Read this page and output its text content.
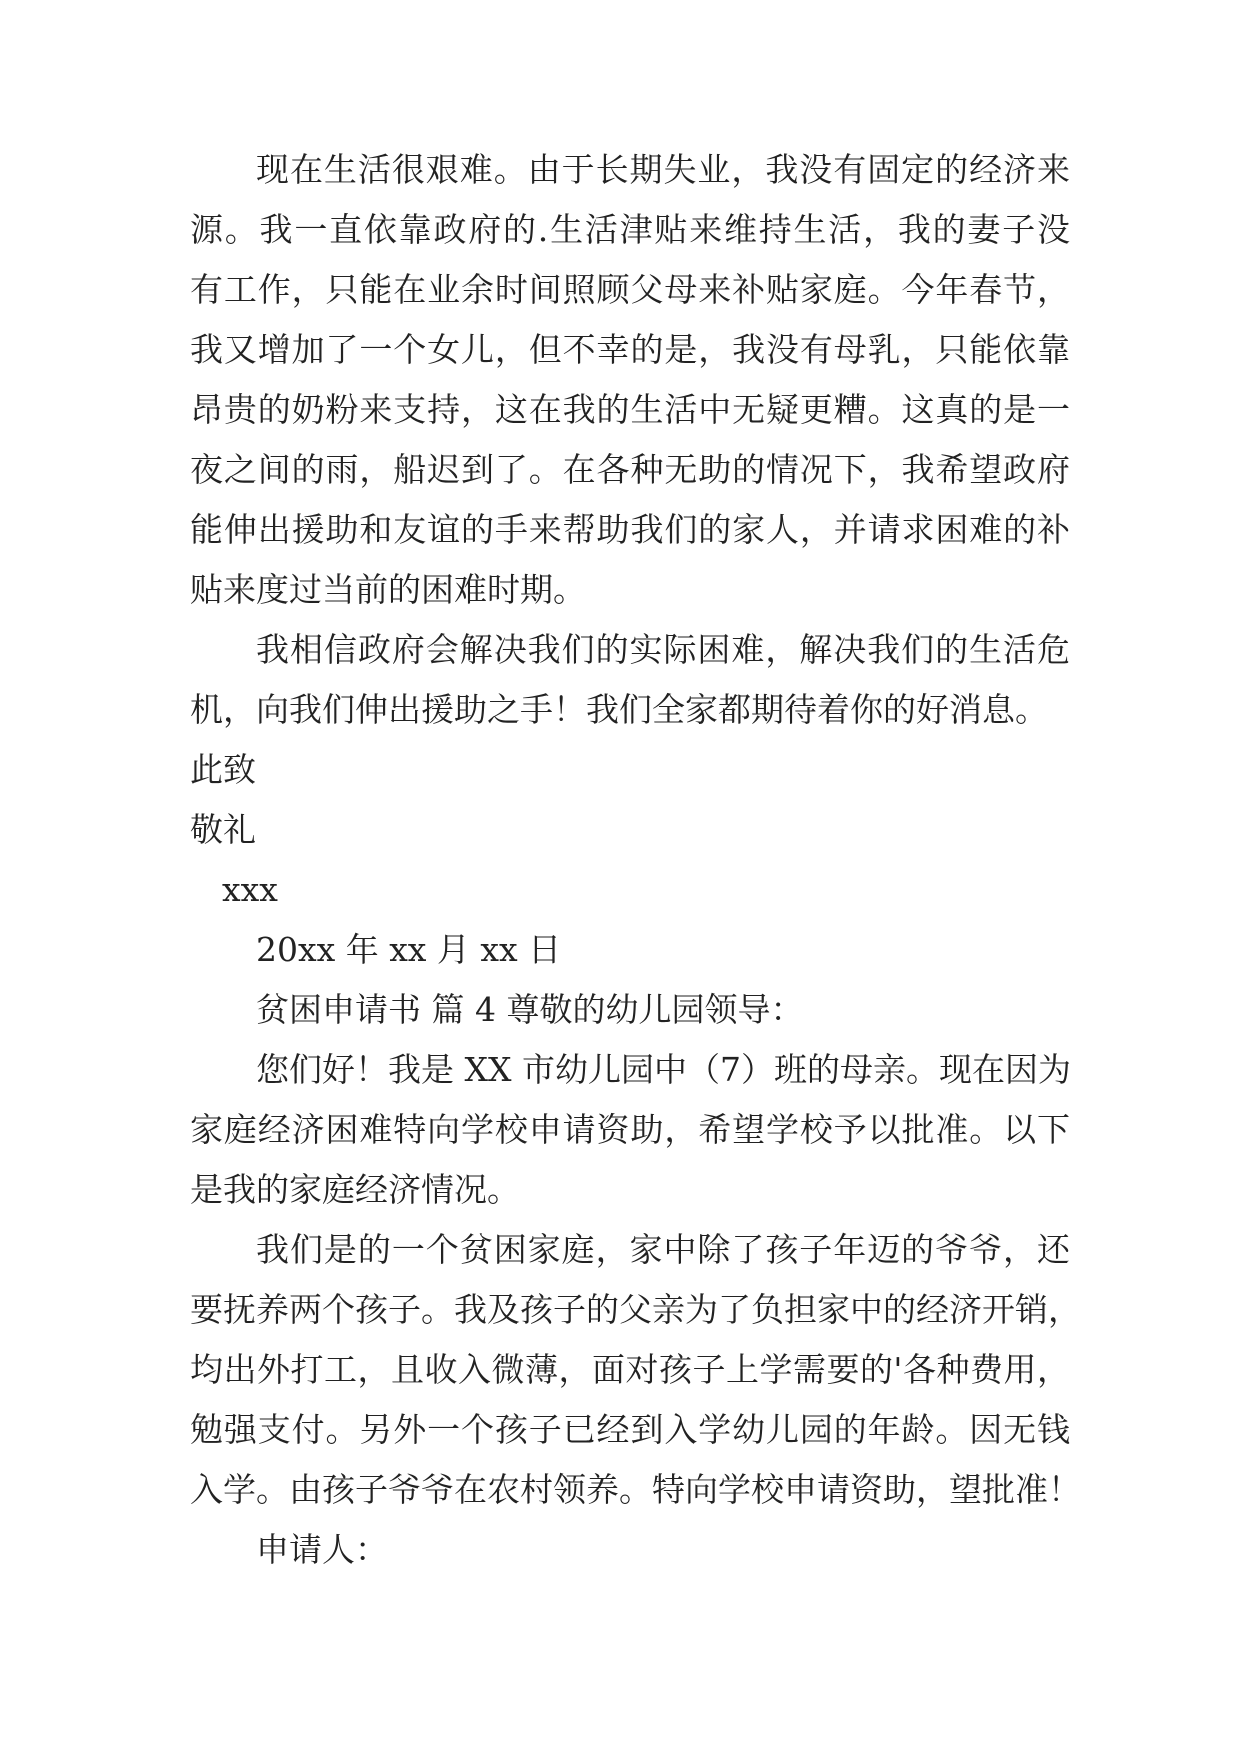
现在生活很艰难。由于长期失业，我没有固定的经济来
源。我一直依靠政府的.生活津贴来维持生活，我的妻子没
有工作，只能在业余时间照顾父母来补贴家庭。今年春节，
我又增加了一个女儿，但不幸的是，我没有母乳，只能依靠
昂贵的奶粉来支持，这在我的生活中无疑更糟。这真的是一
夜之间的雨，船迟到了。在各种无助的情况下，我希望政府
能伸出援助和友谊的手来帮助我们的家人，并请求困难的补
贴来度过当前的困难时期。
我相信政府会解决我们的实际困难，解决我们的生活危
机，向我们伸出援助之手！我们全家都期待着你的好消息。
此致
敬礼
xxx
20xx 年 xx 月 xx 日
贫困申请书 篇 4 尊敬的幼儿园领导：
您们好！我是 XX 市幼儿园中（7）班的母亲。现在因为
家庭经济困难特向学校申请资助，希望学校予以批准。以下
是我的家庭经济情况。
我们是的一个贫困家庭，家中除了孩子年迈的爷爷，还
要抚养两个孩子。我及孩子的父亲为了负担家中的经济开销，
均出外打工，且收入微薄，面对孩子上学需要的'各种费用，
勉强支付。另外一个孩子已经到入学幼儿园的年龄。因无钱
入学。由孩子爷爷在农村领养。特向学校申请资助，望批准！
申请人：
